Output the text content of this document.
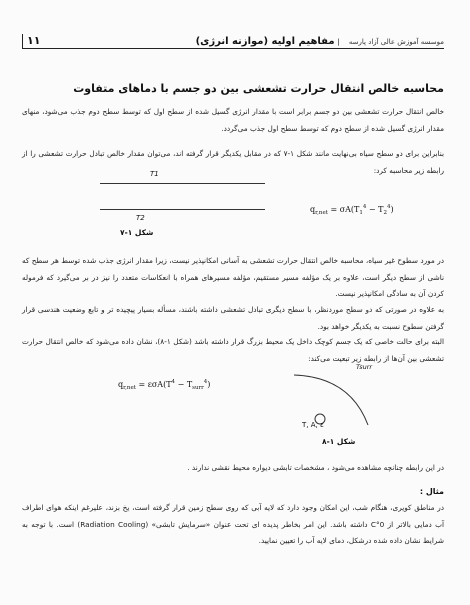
موسسه آموزش عالی آزاد پارسه
|
مفاهیم اولیه (موازنه انرژی)
۱۱
محاسبه خالص انتقال حرارت تشعشی بین دو جسم با دماهای متفاوت
خالص انتقال حرارت تشعشی بین دو جسم برابر است با مقدار انرژی گسیل شده از سطح اول که توسط سطح دوم جذب می‌شود، منهای مقدار انرژی گسیل شده از سطح دوم که توسط سطح اول جذب می‌گردد.
بنابراین برای دو سطح سیاه بی‌نهایت مانند شکل ۱-۷ که در مقابل یکدیگر قرار گرفته اند، می‌توان مقدار خالص تبادل حرارت تشعشی را از رابطه زیر محاسبه کرد:
T1
T2
شکل ۱-۷
$q_{r,net} = \sigma A(T_1^4 - T_2^4)$
در مورد سطوح غیر سیاه، محاسبه خالص انتقال حرارت تشعشی به آسانی امکانپذیر نیست، زیرا مقدار انرژی جذب شده توسط هر سطح که ناشی از سطح دیگر است، علاوه بر یک مؤلفه مسیر مستقیم، مؤلفه مسیرهای همراه با انعکاسات متعدد را نیز در بر می‌گیرد که فرموله کردن آن به سادگی امکانپذیر نیست.
به علاوه در صورتی که دو سطح موردنظر، با سطح دیگری تبادل تشعشی داشته باشند، مسأله بسیار پیچیده تر و تابع وضعیت هندسی قرار گرفتن سطوح نسبت به یکدیگر خواهد بود.
البته برای حالت خاصی که یک جسم کوچک داخل یک محیط بزرگ قرار داشته باشد (شکل ۱-۸)، نشان داده می‌شود که خالص انتقال حرارت تشعشی بین آن‌ها از رابطه زیر تبعیت می‌کند:
$q_{r,net} = \varepsilon\sigma A(T^4 - T_{surr}^4)$
Tsurr
T, A, ε
شکل ۱-۸
در این رابطه چنانچه مشاهده می‌شود ، مشخصات تابشی دیواره محیط نقشی ندارند .
مثال :
در مناطق کویری، هنگام شب، این امکان وجود دارد که لایه آبی که روی سطح زمین قرار گرفته است، یخ بزند، علیرغم اینکه هوای اطراف آب دمایی بالاتر از 0°C داشته باشد. این امر بخاطر پدیده ای تحت عنوان «سرمایش تابشی» (Radiation Cooling) است. با توجه به شرایط نشان داده شده درشکل، دمای لایه آب را تعیین نمایید.
